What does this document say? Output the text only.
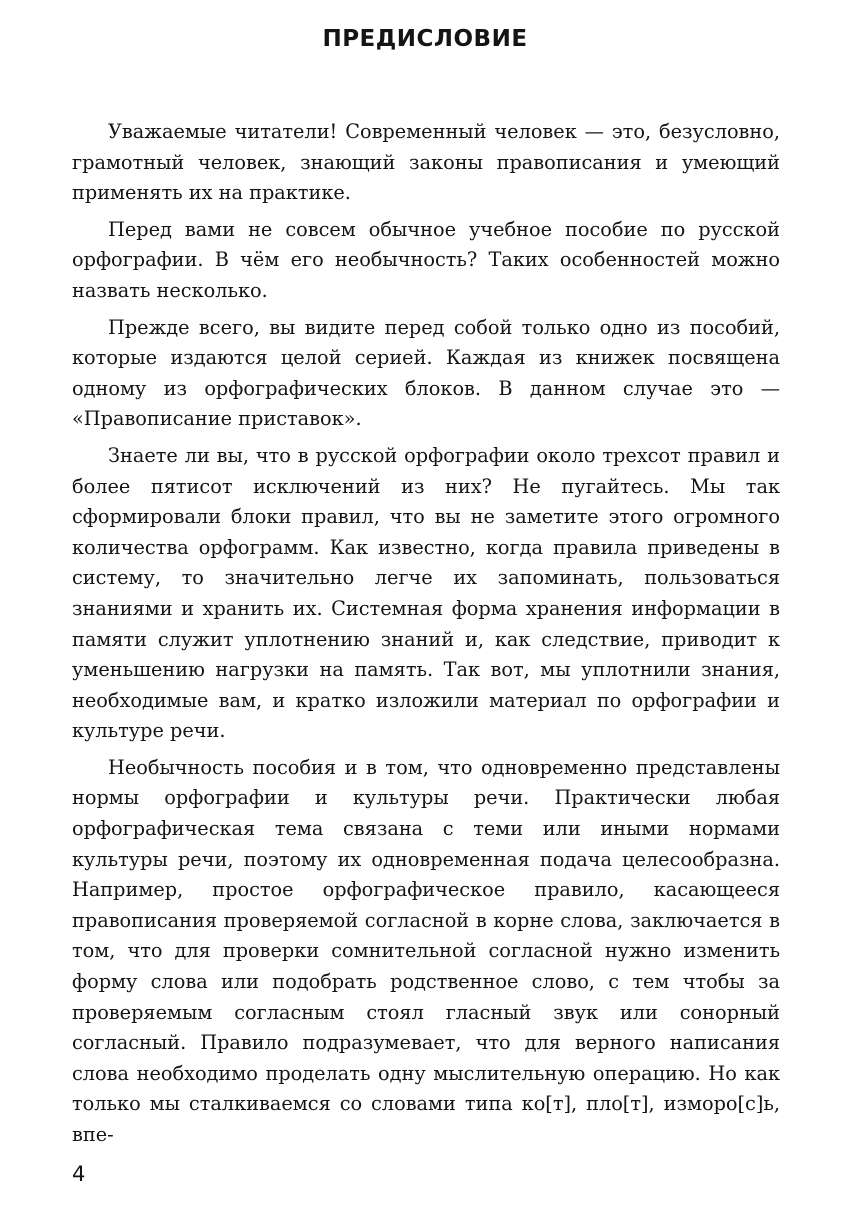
ПРЕДИСЛОВИЕ

Уважаемые читатели! Современный человек — это, безусловно, грамотный человек, знающий законы правописания и умеющий применять их на практике.

Перед вами не совсем обычное учебное пособие по русской орфографии. В чём его необычность? Таких особенностей можно назвать несколько.

Прежде всего, вы видите перед собой только одно из пособий, которые издаются целой серией. Каждая из книжек посвящена одному из орфографических блоков. В данном случае это — «Правописание приставок».

Знаете ли вы, что в русской орфографии около трехсот правил и более пятисот исключений из них? Не пугайтесь. Мы так сформировали блоки правил, что вы не заметите этого огромного количества орфограмм. Как известно, когда правила приведены в систему, то значительно легче их запоминать, пользоваться знаниями и хранить их. Системная форма хранения информации в памяти служит уплотнению знаний и, как следствие, приводит к уменьшению нагрузки на память. Так вот, мы уплотнили знания, необходимые вам, и кратко изложили материал по орфографии и культуре речи.

Необычность пособия и в том, что одновременно представлены нормы орфографии и культуры речи. Практически любая орфографическая тема связана с теми или иными нормами культуры речи, поэтому их одновременная подача целесообразна. Например, простое орфографическое правило, касающееся правописания проверяемой согласной в корне слова, заключается в том, что для проверки сомнительной согласной нужно изменить форму слова или подобрать родственное слово, с тем чтобы за проверяемым согласным стоял гласный звук или сонорный согласный. Правило подразумевает, что для верного написания слова необходимо проделать одну мыслительную операцию. Но как только мы сталкиваемся со словами типа ко[т], пло[т], изморо[с]ь, впе-

4
